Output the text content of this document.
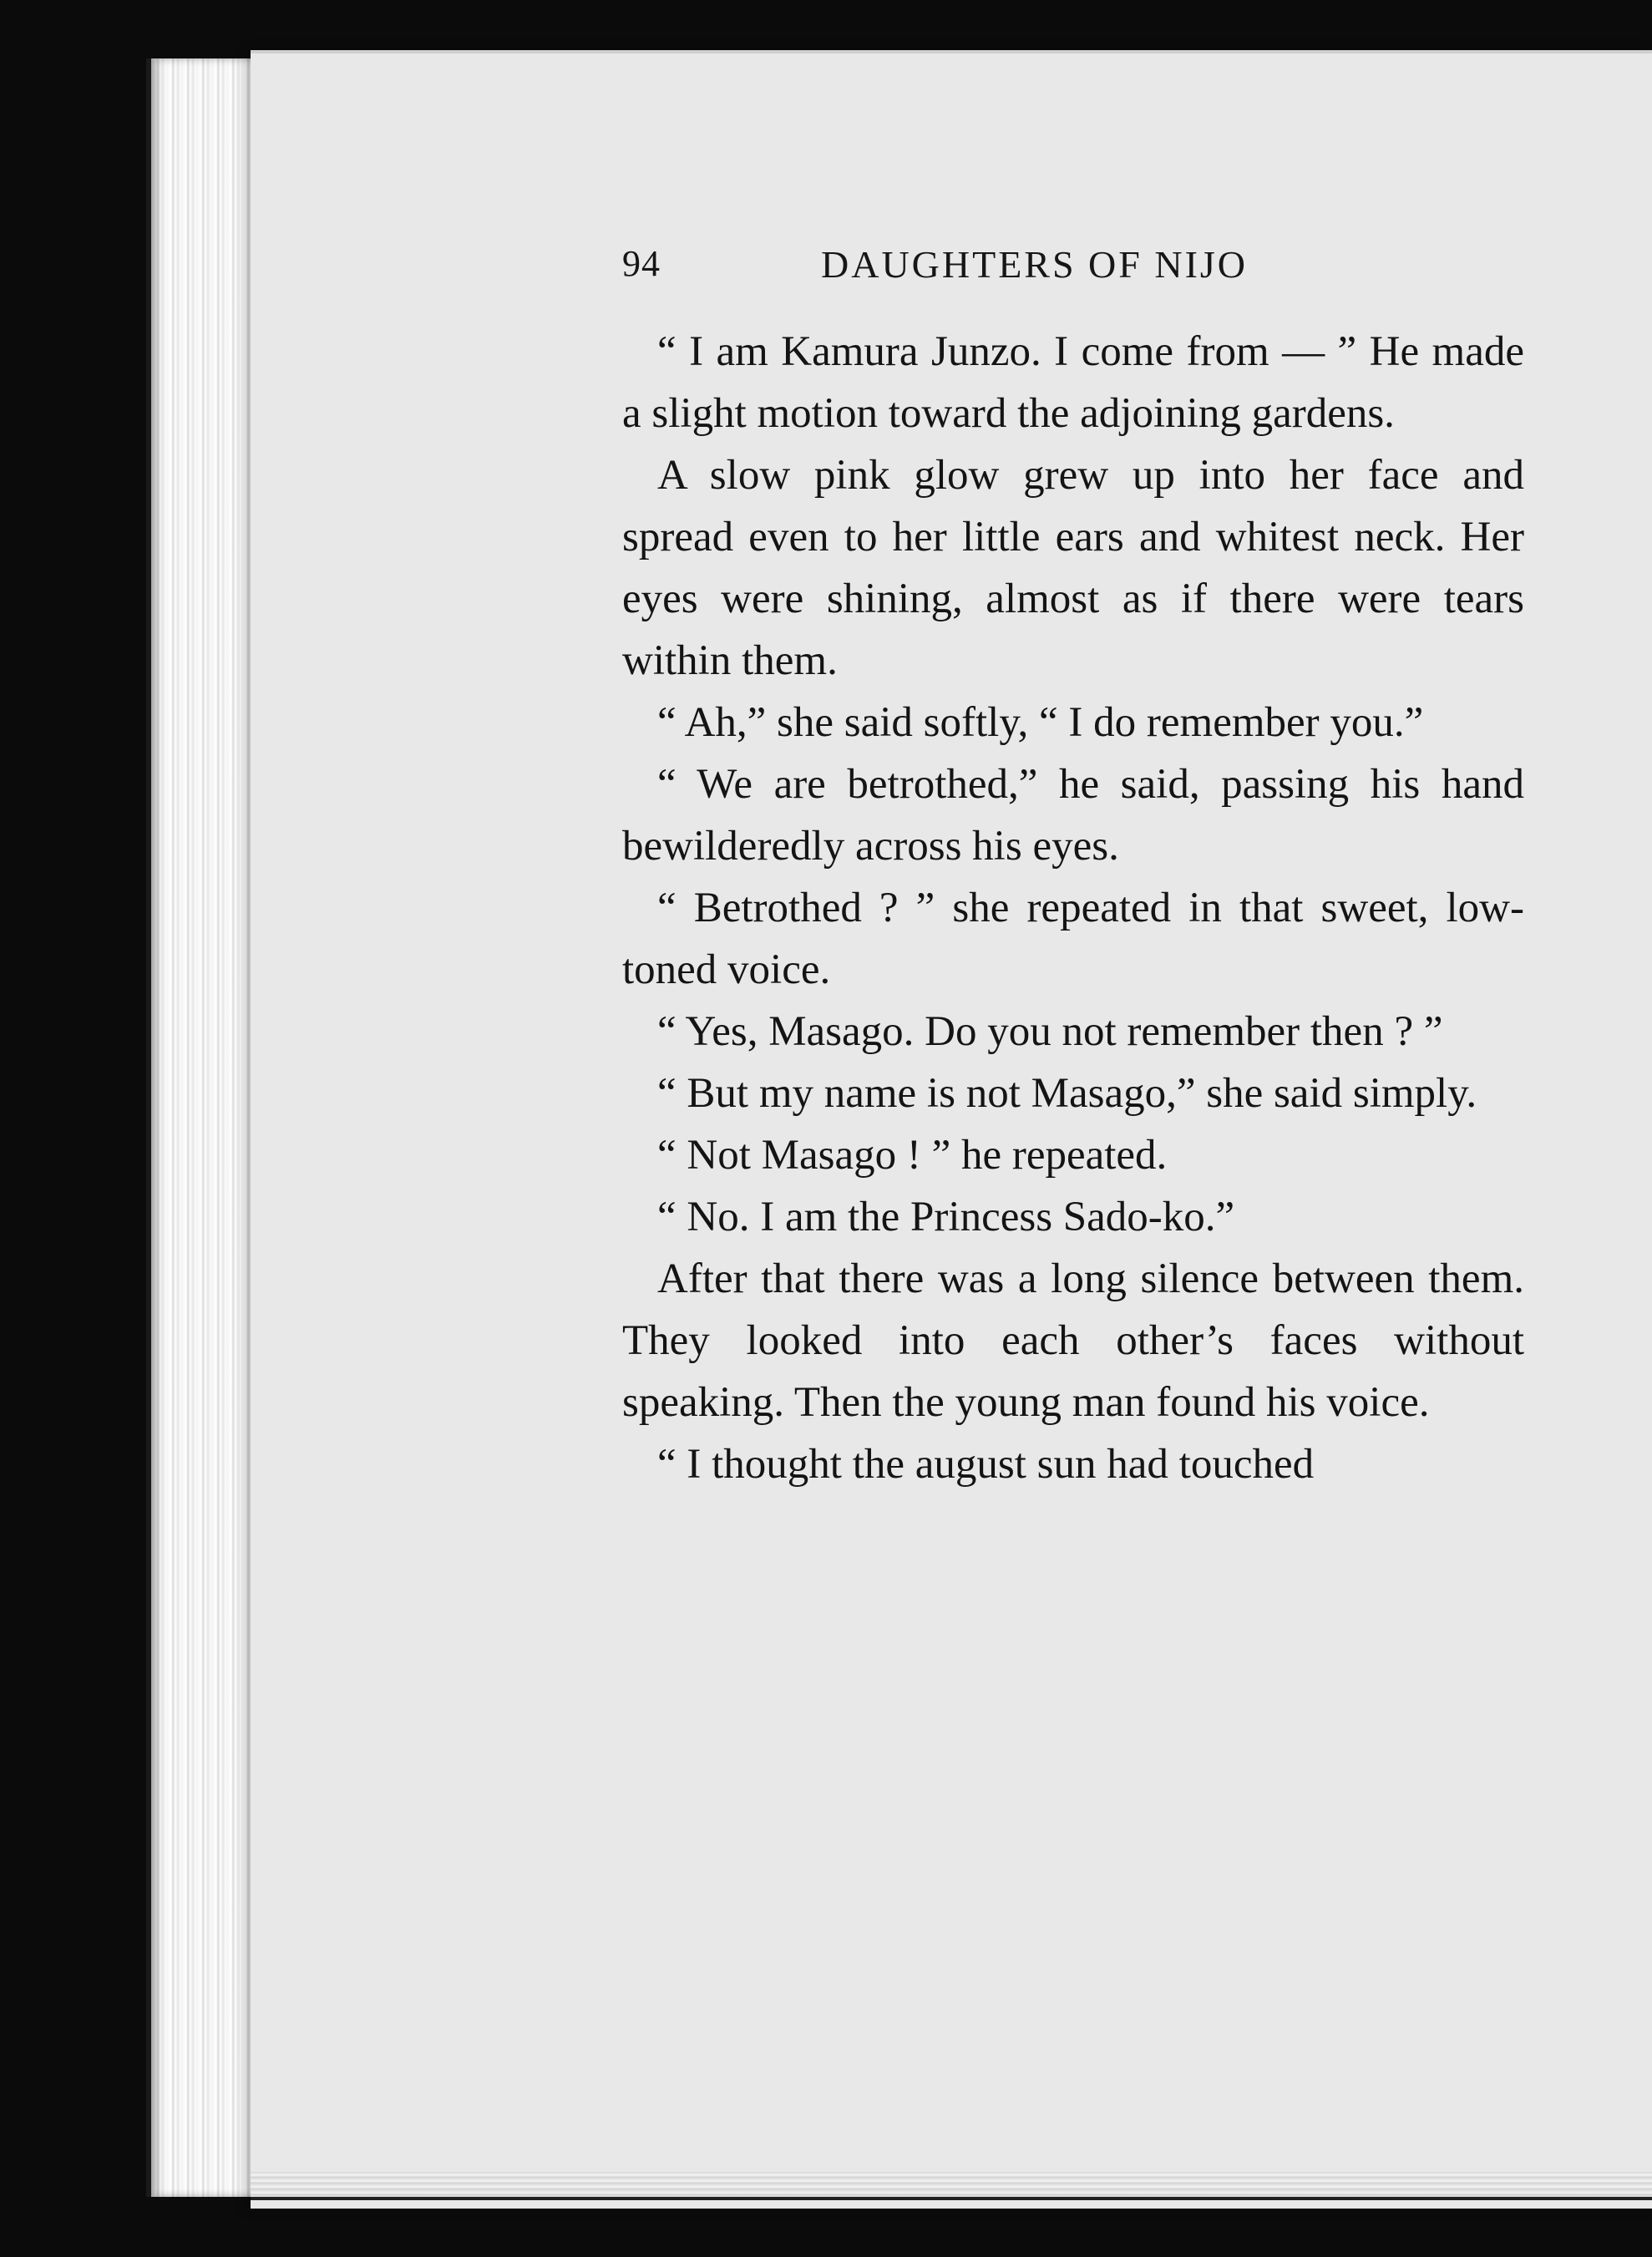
94	DAUGHTERS OF NIJO

“ I am Kamura Junzo. I come from — ” He made a slight motion toward the adjoining gardens.

A slow pink glow grew up into her face and spread even to her little ears and whitest neck. Her eyes were shining, almost as if there were tears within them.

“ Ah,” she said softly, “ I do remember you.”

“ We are betrothed,” he said, passing his hand bewilderedly across his eyes.

“ Betrothed ? ” she repeated in that sweet, low-toned voice.

“ Yes, Masago. Do you not remember then ? ”

“ But my name is not Masago,” she said simply.

“ Not Masago ! ” he repeated.

“ No. I am the Princess Sado-ko.”

After that there was a long silence between them. They looked into each other’s faces without speaking. Then the young man found his voice.

“ I thought the august sun had touched
